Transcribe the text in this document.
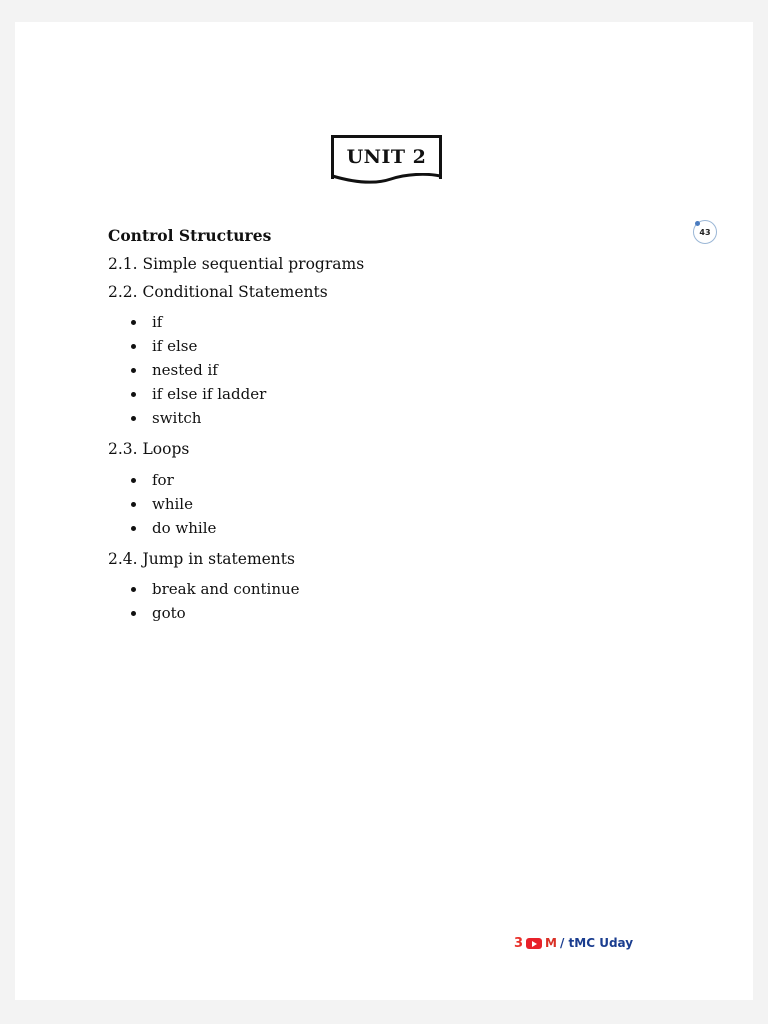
UNIT 2
43
Control Structures
2.1. Simple sequential programs
2.2. Conditional Statements
if
if else
nested if
if else if ladder
switch
2.3. Loops
for
while
do while
2.4. Jump in statements
break and continue
goto
3 M / tMC Uday
